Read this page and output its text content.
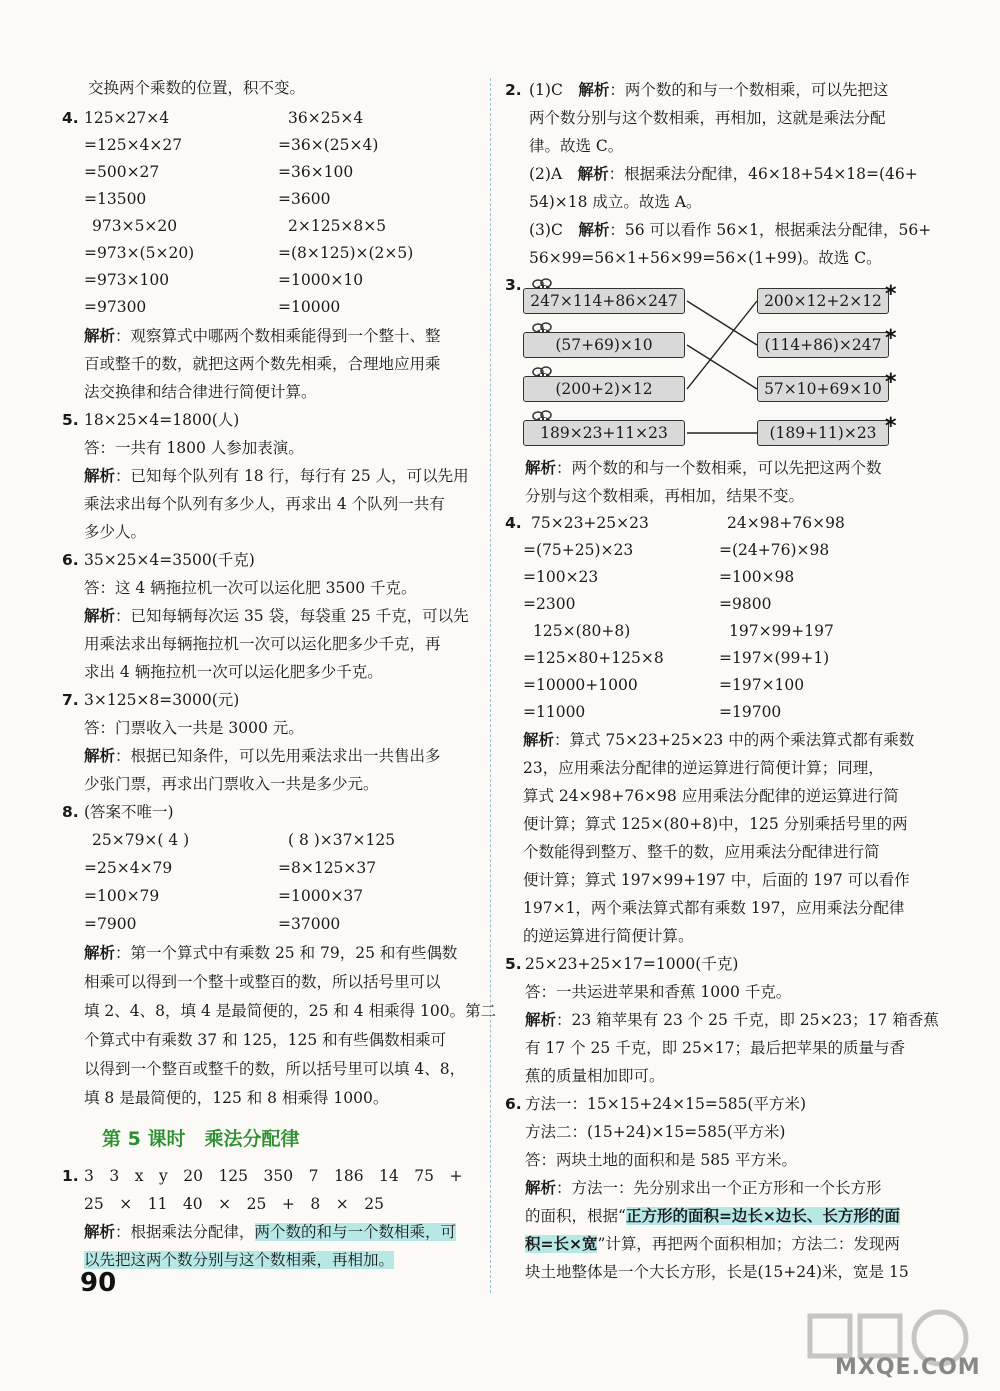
交换两个乘数的位置，积不变。
4. 125×27×4	36×25×4
=125×4×27	=36×(25×4)
=500×27	=36×100
=13500	=3600
973×5×20	2×125×8×5
=973×(5×20)	=(8×125)×(2×5)
=973×100	=1000×10
=97300	=10000
解析：观察算式中哪两个数相乘能得到一个整十、整
百或整千的数，就把这两个数先相乘，合理地应用乘
法交换律和结合律进行简便计算。
5. 18×25×4=1800(人)
答：一共有 1800 人参加表演。
解析：已知每个队列有 18 行，每行有 25 人，可以先用
乘法求出每个队列有多少人，再求出 4 个队列一共有
多少人。
6. 35×25×4=3500(千克)
答：这 4 辆拖拉机一次可以运化肥 3500 千克。
解析：已知每辆每次运 35 袋，每袋重 25 千克，可以先
用乘法求出每辆拖拉机一次可以运化肥多少千克，再
求出 4 辆拖拉机一次可以运化肥多少千克。
7. 3×125×8=3000(元)
答：门票收入一共是 3000 元。
解析：根据已知条件，可以先用乘法求出一共售出多
少张门票，再求出门票收入一共是多少元。
8. (答案不唯一)
25×79×( 4 )	( 8 )×37×125
=25×4×79	=8×125×37
=100×79	=1000×37
=7900	=37000
解析：第一个算式中有乘数 25 和 79，25 和有些偶数
相乘可以得到一个整十或整百的数，所以括号里可以
填 2、4、8，填 4 是最简便的，25 和 4 相乘得 100。第二
个算式中有乘数 37 和 125，125 和有些偶数相乘可
以得到一个整百或整千的数，所以括号里可以填 4、8，
填 8 是最简便的，125 和 8 相乘得 1000。
第 5 课时　乘法分配律
1. 3　3　x　y　20　125　350　7　186　14　75　+
25　×　11　40　×　25　+　8　×　25
解析：根据乘法分配律，两个数的和与一个数相乘，可
以先把这两个数分别与这个数相乘，再相加。
2. (1)C　解析：两个数的和与一个数相乘，可以先把这
两个数分别与这个数相乘，再相加，这就是乘法分配
律。故选 C。
(2)A　解析：根据乘法分配律，46×18+54×18=(46+
54)×18 成立。故选 A。
(3)C　解析：56 可以看作 56×1，根据乘法分配律，56+
56×99=56×1+56×99=56×(1+99)。故选 C。
3.
247×114+86×247
(57+69)×10
(200+2)×12
189×23+11×23
200×12+2×12
(114+86)×247
57×10+69×10
(189+11)×23
*
*
*
*
解析：两个数的和与一个数相乘，可以先把这两个数
分别与这个数相乘，再相加，结果不变。
4. 75×23+25×23	24×98+76×98
=(75+25)×23	=(24+76)×98
=100×23	=100×98
=2300	=9800
125×(80+8)	197×99+197
=125×80+125×8	=197×(99+1)
=10000+1000	=197×100
=11000	=19700
解析：算式 75×23+25×23 中的两个乘法算式都有乘数
23，应用乘法分配律的逆运算进行简便计算；同理，
算式 24×98+76×98 应用乘法分配律的逆运算进行简
便计算；算式 125×(80+8)中，125 分别乘括号里的两
个数能得到整万、整千的数，应用乘法分配律进行简
便计算；算式 197×99+197 中，后面的 197 可以看作
197×1，两个乘法算式都有乘数 197，应用乘法分配律
的逆运算进行简便计算。
5. 25×23+25×17=1000(千克)
答：一共运进苹果和香蕉 1000 千克。
解析：23 箱苹果有 23 个 25 千克，即 25×23；17 箱香蕉
有 17 个 25 千克，即 25×17；最后把苹果的质量与香
蕉的质量相加即可。
6. 方法一：15×15+24×15=585(平方米)
方法二：(15+24)×15=585(平方米)
答：两块土地的面积和是 585 平方米。
解析：方法一：先分别求出一个正方形和一个长方形
的面积，根据“正方形的面积=边长×边长、长方形的面
积=长×宽”计算，再把两个面积相加；方法二：发现两
块土地整体是一个大长方形，长是(15+24)米，宽是 15
90
MXQE.COM
